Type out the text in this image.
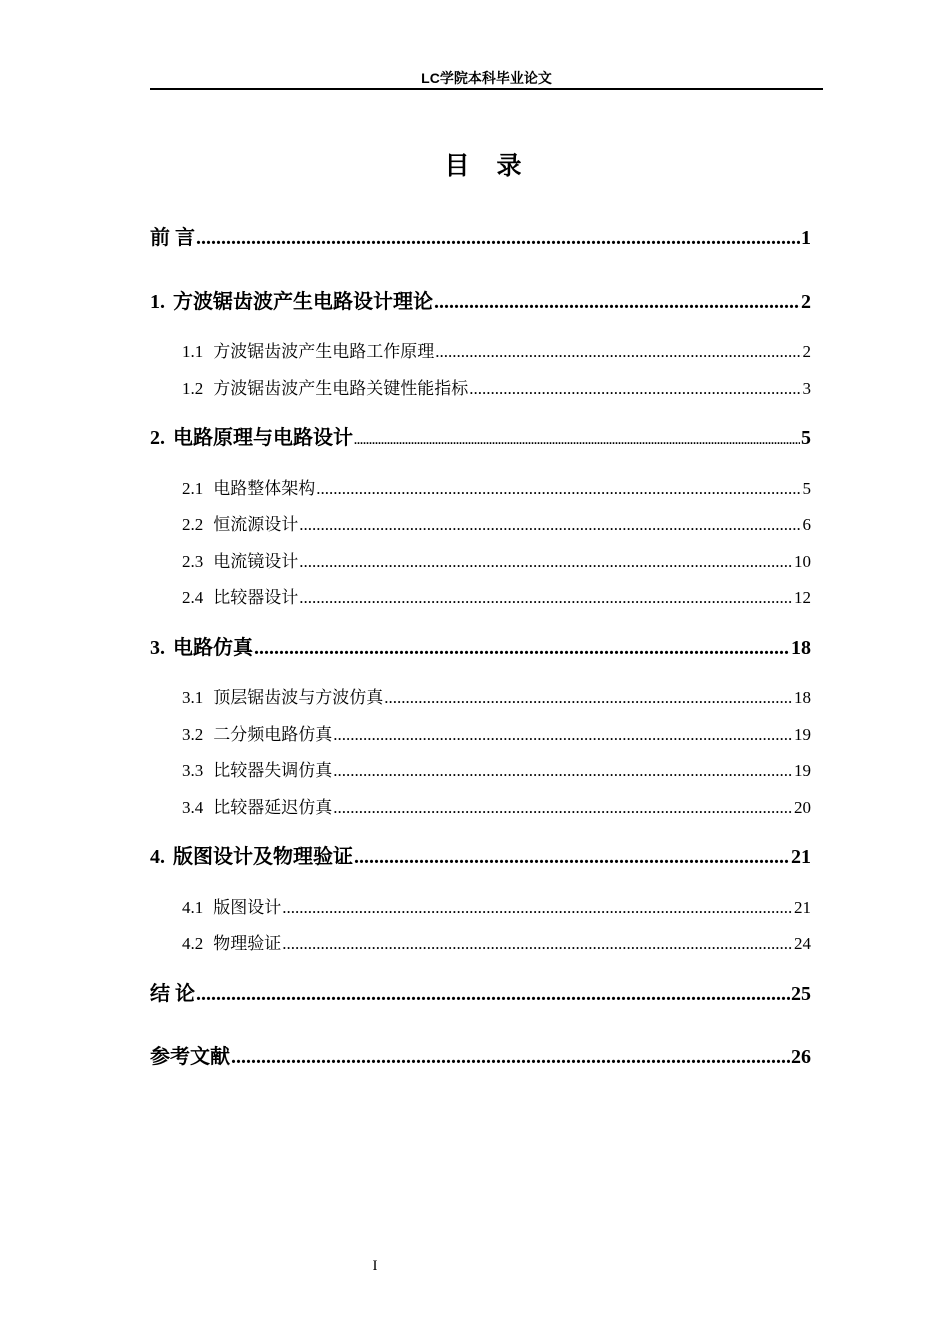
LC学院本科毕业论文
目 录
前 言 .....	1
1. 方波锯齿波产生电路设计理论 .....	2
1.1 方波锯齿波产生电路工作原理 .....	2
1.2 方波锯齿波产生电路关键性能指标 .....	3
2. 电路原理与电路设计 .....	5
2.1 电路整体架构 .....	5
2.2 恒流源设计 .....	6
2.3 电流镜设计 .....	10
2.4 比较器设计 .....	12
3. 电路仿真 .....	18
3.1 顶层锯齿波与方波仿真 .....	18
3.2 二分频电路仿真 .....	19
3.3 比较器失调仿真 .....	19
3.4 比较器延迟仿真 .....	20
4. 版图设计及物理验证 .....	21
4.1 版图设计 .....	21
4.2 物理验证 .....	24
结 论 .....	25
参考文献 .....	26
I
